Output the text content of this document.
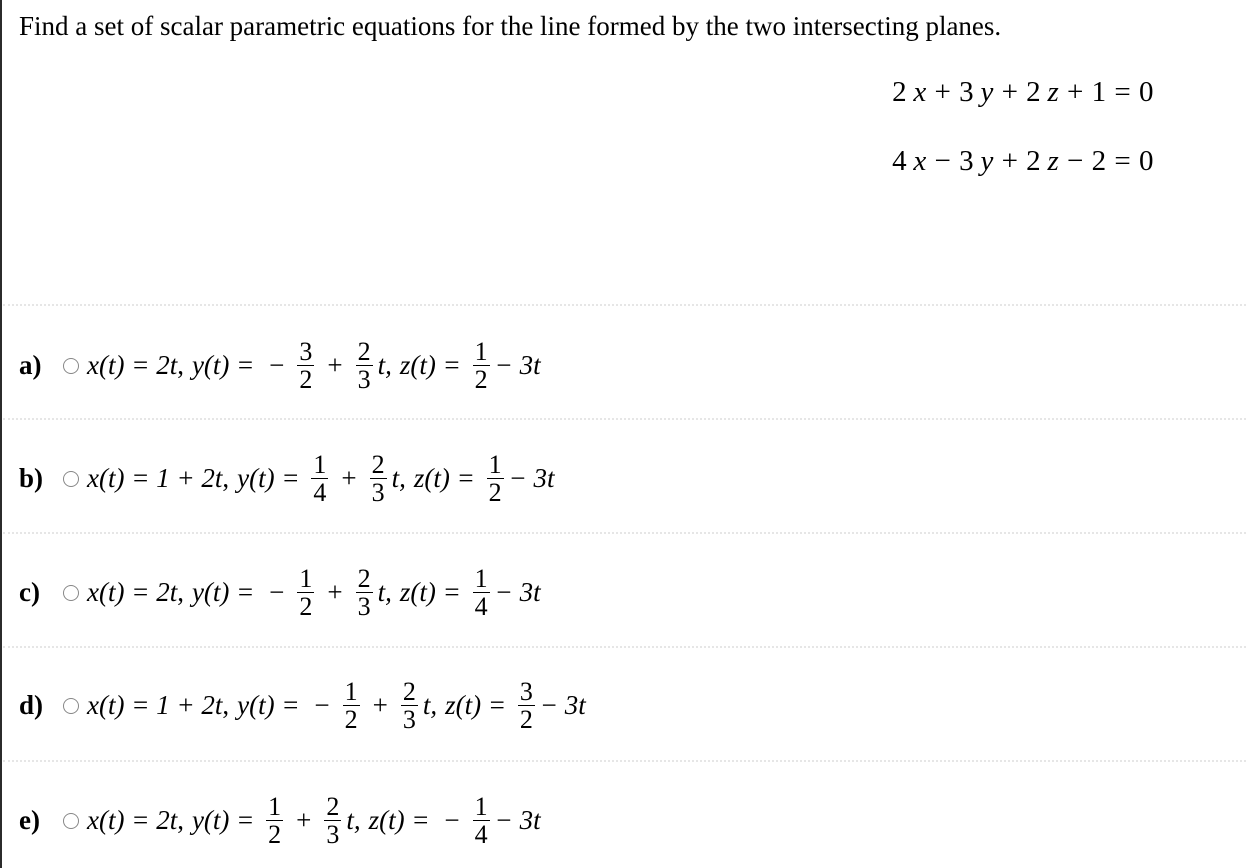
Find a set of scalar parametric equations for the line formed by the two intersecting planes.
2  x + 3  y + 2  z + 1 = 0
4  x − 3  y + 2  z − 2 = 0
a)	x(t) =
2t , y(t) =
− $\frac{3}{2} + \frac{2}{3} t$, z(t) =
$\frac{1}{2} - 3t$
b)	x(t) =
1 + 2t , y(t) =
$\frac{1}{4} + \frac{2}{3} t$, z(t) =
$\frac{1}{2} - 3t$
c)	x(t) =
2t , y(t) =
− $\frac{1}{2} + \frac{2}{3} t$, z(t) =
$\frac{1}{4} - 3t$
d)	x(t) =
1 + 2t , y(t) =
− $\frac{1}{2} + \frac{2}{3} t$, z(t) =
$\frac{3}{2} - 3t$
e)	x(t) =
2t , y(t) =
$\frac{1}{2} + \frac{2}{3} t$, z(t) =
− $\frac{1}{4} - 3t$
